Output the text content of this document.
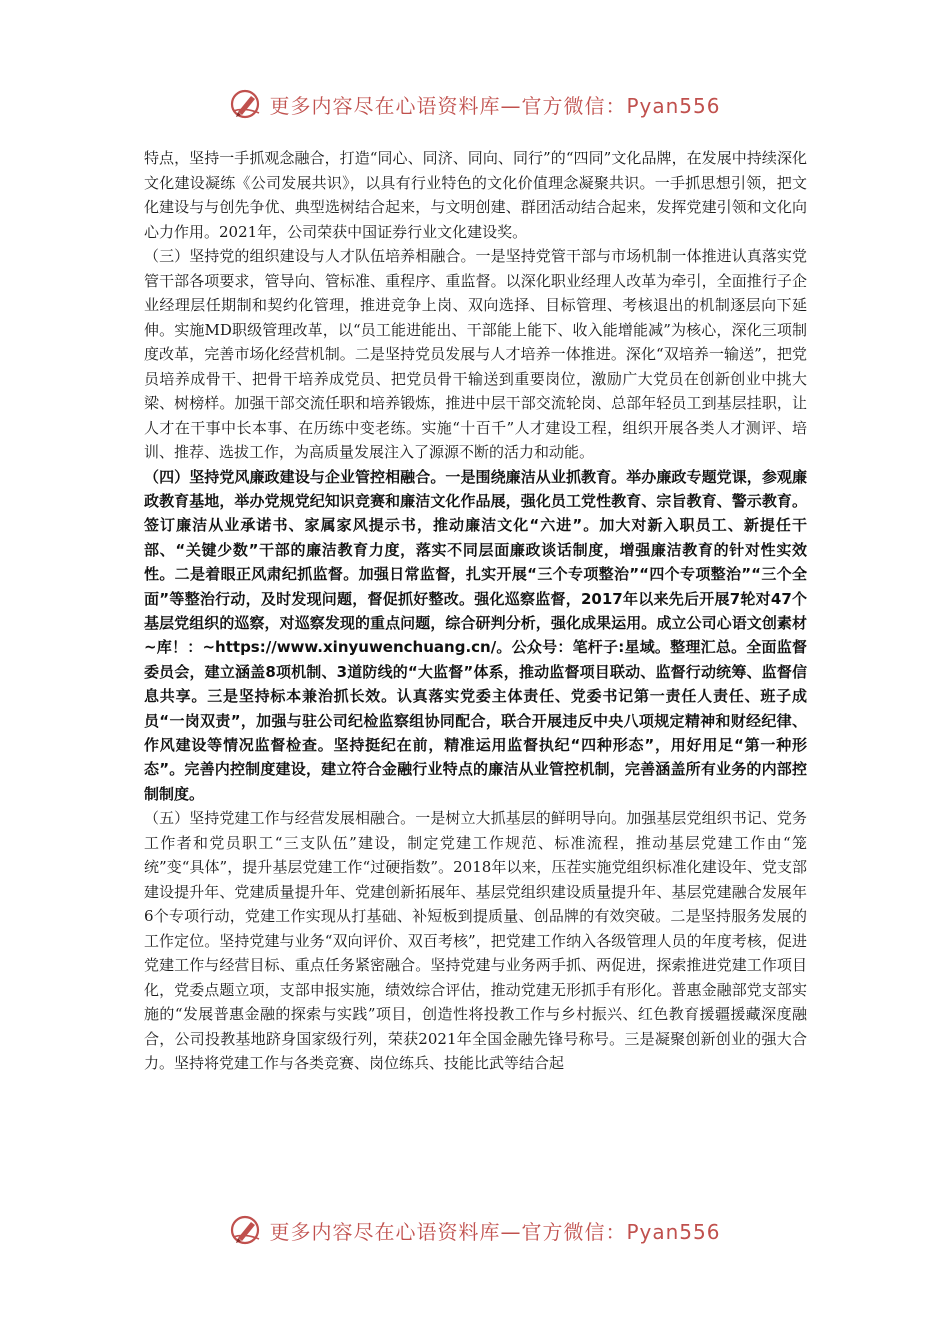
更多内容尽在心语资料库—官方微信：Pyan556

特点，坚持一手抓观念融合，打造“同心、同济、同向、同行”的“四同”文化品牌，在发展中持续深化文化建设凝练《公司发展共识》，以具有行业特色的文化价值理念凝聚共识。一手抓思想引领，把文化建设与与创先争优、典型选树结合起来，与文明创建、群团活动结合起来，发挥党建引领和文化向心力作用。2021年，公司荣获中国证券行业文化建设奖。

（三）坚持党的组织建设与人才队伍培养相融合。一是坚持党管干部与市场机制一体推进认真落实党管干部各项要求，管导向、管标准、重程序、重监督。以深化职业经理人改革为牵引，全面推行子企业经理层任期制和契约化管理，推进竞争上岗、双向选择、目标管理、考核退出的机制逐层向下延伸。实施MD职级管理改革，以“员工能进能出、干部能上能下、收入能增能减”为核心，深化三项制度改革，完善市场化经营机制。二是坚持党员发展与人才培养一体推进。深化“双培养一输送”，把党员培养成骨干、把骨干培养成党员、把党员骨干输送到重要岗位，激励广大党员在创新创业中挑大梁、树榜样。加强干部交流任职和培养锻炼，推进中层干部交流轮岗、总部年轻员工到基层挂职，让人才在干事中长本事、在历练中变老练。实施“十百千”人才建设工程，组织开展各类人才测评、培训、推荐、选拔工作，为高质量发展注入了源源不断的活力和动能。

（四）坚持党风廉政建设与企业管控相融合。一是围绕廉洁从业抓教育。举办廉政专题党课，参观廉政教育基地，举办党规党纪知识竞赛和廉洁文化作品展，强化员工党性教育、宗旨教育、警示教育。签订廉洁从业承诺书、家属家风提示书，推动廉洁文化“六进”。加大对新入职员工、新提任干部、“关键少数”干部的廉洁教育力度，落实不同层面廉政谈话制度，增强廉洁教育的针对性实效性。二是着眼正风肃纪抓监督。加强日常监督，扎实开展“三个专项整治”“四个专项整治”“三个全面”等整治行动，及时发现问题，督促抓好整改。强化巡察监督，2017年以来先后开展7轮对47个基层党组织的巡察，对巡察发现的重点问题，综合研判分析，强化成果运用。成立公司心语文创素材~库！：~https://www.xinyuwenchuang.cn/。公众号：笔杆子:星域。整理汇总。全面监督委员会，建立涵盖8项机制、3道防线的“大监督”体系，推动监督项目联动、监督行动统筹、监督信息共享。三是坚持标本兼治抓长效。认真落实党委主体责任、党委书记第一责任人责任、班子成员“一岗双责”，加强与驻公司纪检监察组协同配合，联合开展违反中央八项规定精神和财经纪律、作风建设等情况监督检查。坚持挺纪在前，精准运用监督执纪“四种形态”，用好用足“第一种形态”。完善内控制度建设，建立符合金融行业特点的廉洁从业管控机制，完善涵盖所有业务的内部控制制度。

（五）坚持党建工作与经营发展相融合。一是树立大抓基层的鲜明导向。加强基层党组织书记、党务工作者和党员职工“三支队伍”建设，制定党建工作规范、标准流程，推动基层党建工作由“笼统”变“具体”，提升基层党建工作“过硬指数”。2018年以来，压茬实施党组织标准化建设年、党支部建设提升年、党建质量提升年、党建创新拓展年、基层党组织建设质量提升年、基层党建融合发展年6个专项行动，党建工作实现从打基础、补短板到提质量、创品牌的有效突破。二是坚持服务发展的工作定位。坚持党建与业务“双向评价、双百考核”，把党建工作纳入各级管理人员的年度考核，促进党建工作与经营目标、重点任务紧密融合。坚持党建与业务两手抓、两促进，探索推进党建工作项目化，党委点题立项，支部申报实施，绩效综合评估，推动党建无形抓手有形化。普惠金融部党支部实施的“发展普惠金融的探索与实践”项目，创造性将投教工作与乡村振兴、红色教育援疆援藏深度融合，公司投教基地跻身国家级行列，荣获2021年全国金融先锋号称号。三是凝聚创新创业的强大合力。坚持将党建工作与各类竞赛、岗位练兵、技能比武等结合起

更多内容尽在心语资料库—官方微信：Pyan556
